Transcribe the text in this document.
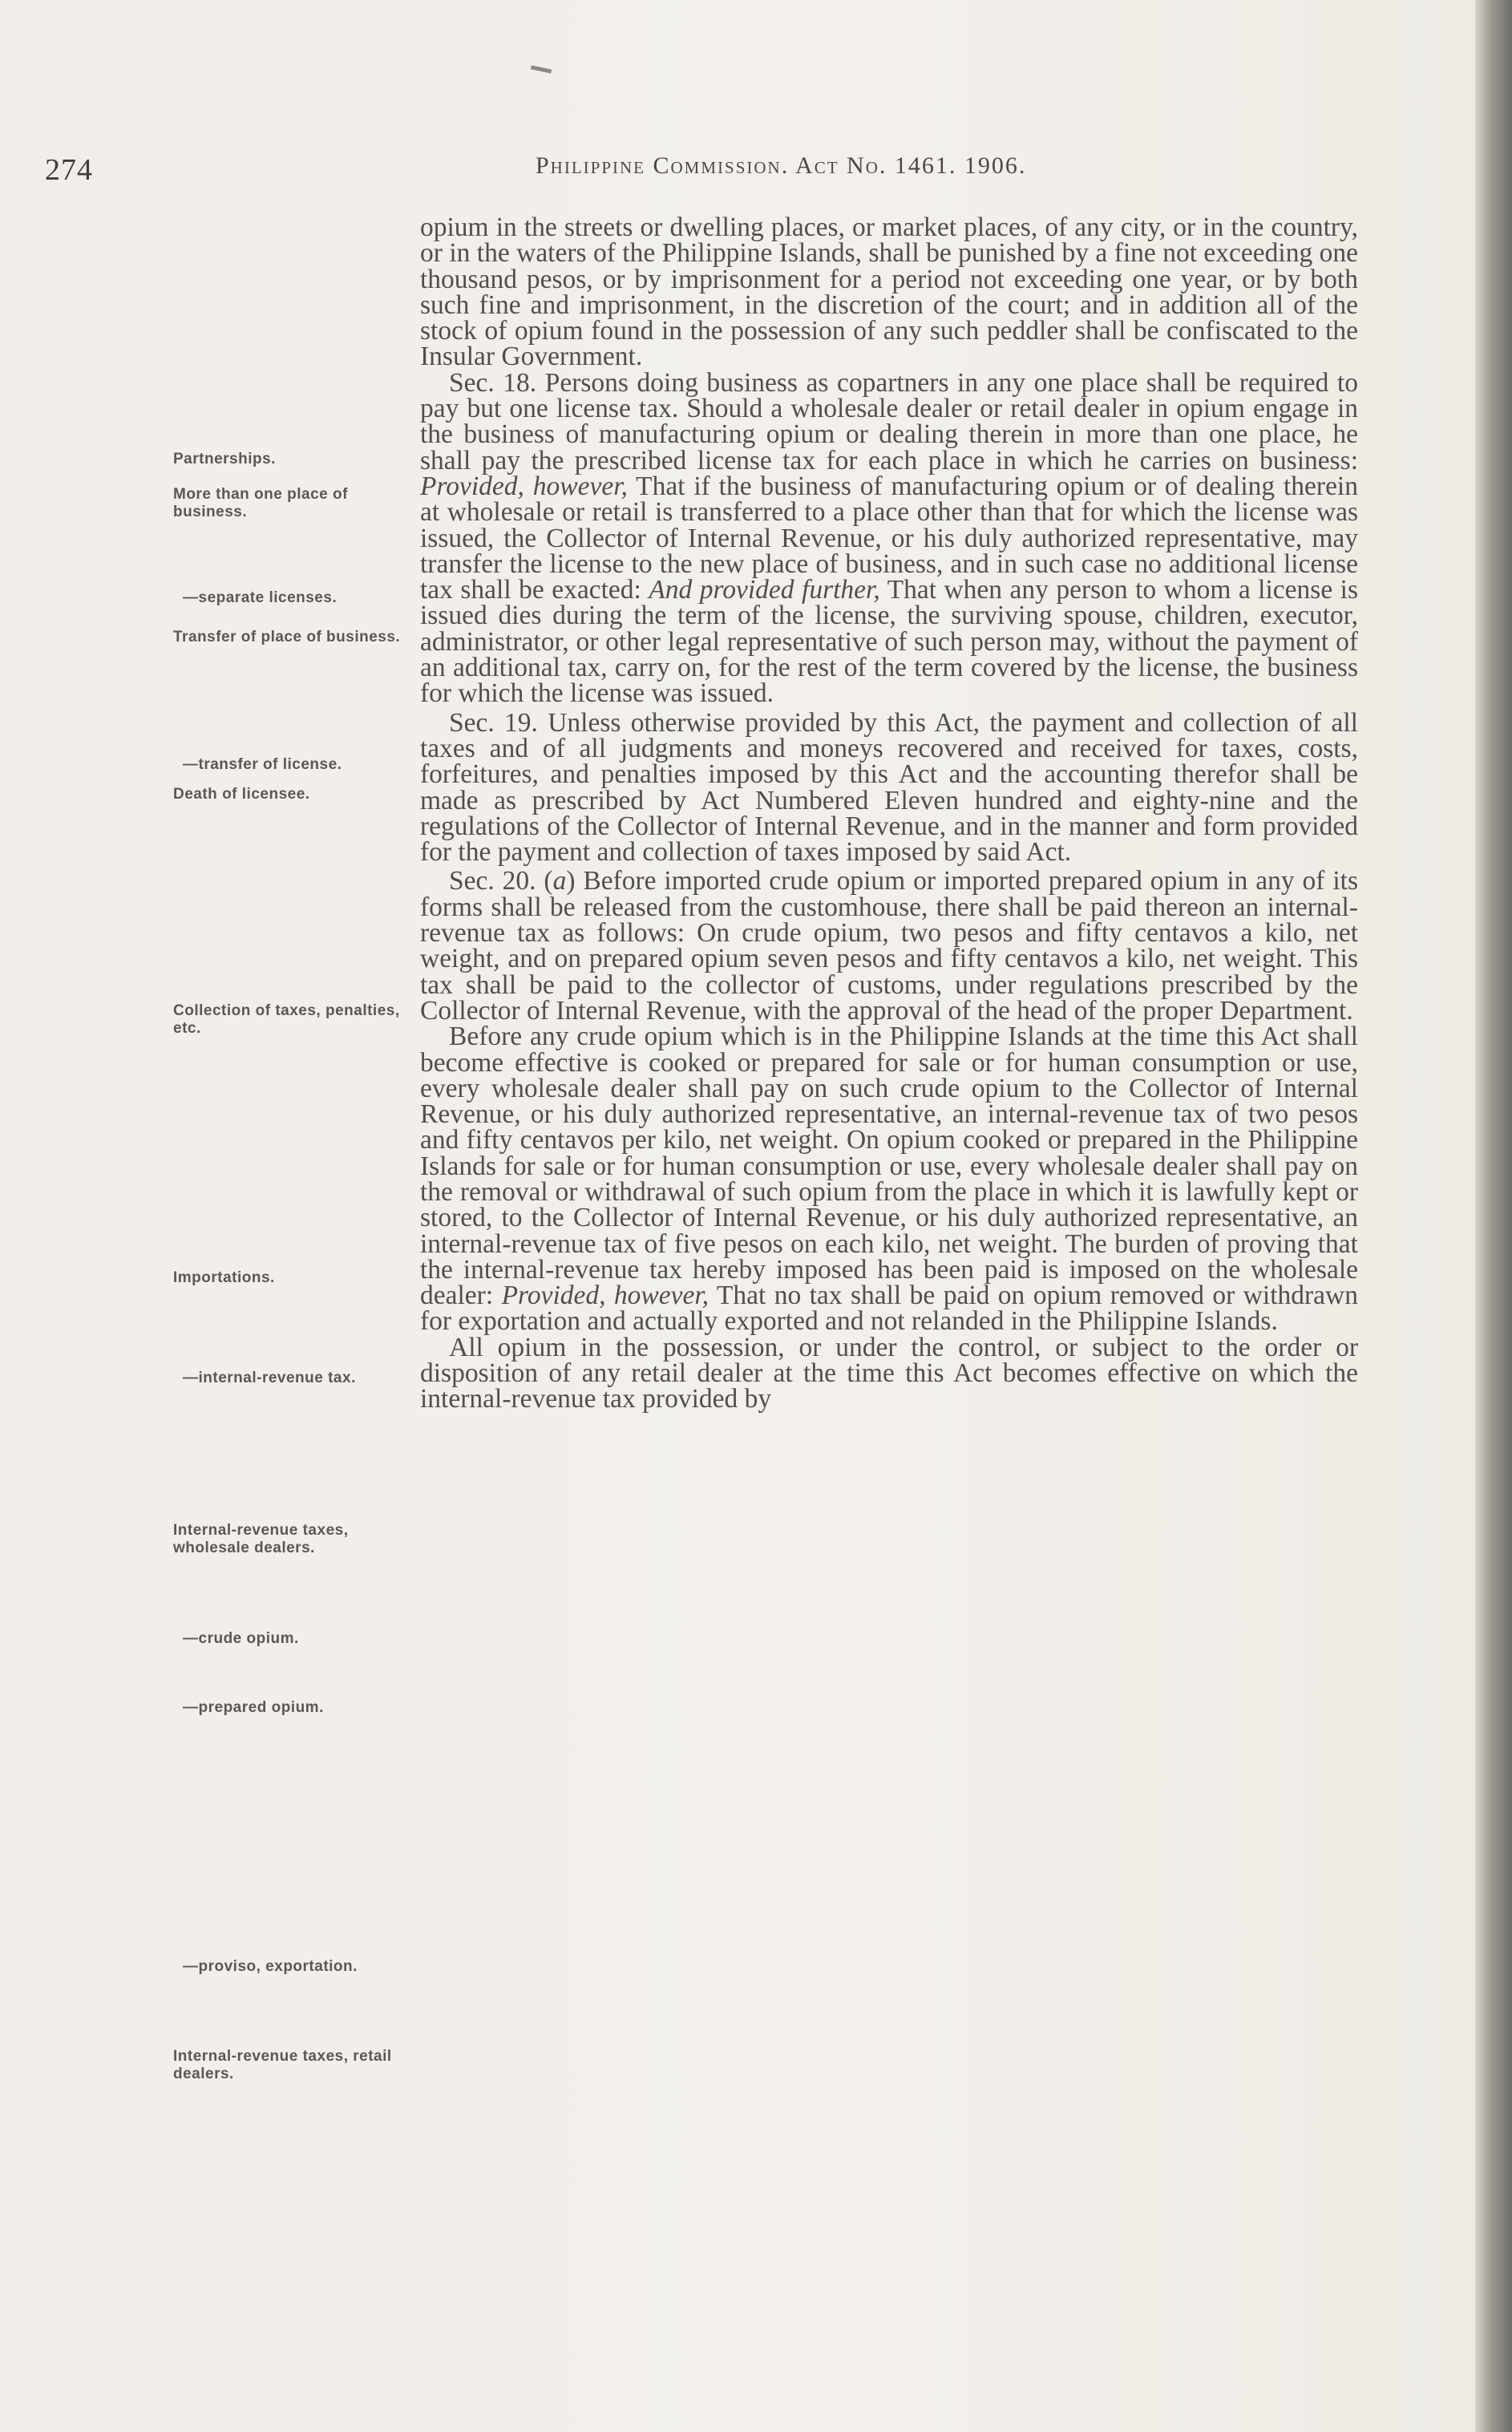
274	Philippine Commission. Act No. 1461. 1906.
Partnerships.
More than one place of business.
—separate licenses.
Transfer of place of business.
—transfer of license.
Death of licensee.
Collection of taxes, penalties, etc.
Importations.
—internal-revenue tax.
Internal-revenue taxes, wholesale dealers.
—crude opium.
—prepared opium.
—proviso, exportation.
Internal-revenue taxes, retail dealers.

opium in the streets or dwelling places, or market places, of any city, or in the country, or in the waters of the Philippine Islands, shall be punished by a fine not exceeding one thousand pesos, or by imprisonment for a period not exceeding one year, or by both such fine and imprisonment, in the discretion of the court; and in addition all of the stock of opium found in the possession of any such peddler shall be confiscated to the Insular Government.

Sec. 18. Persons doing business as copartners in any one place shall be required to pay but one license tax. Should a wholesale dealer or retail dealer in opium engage in the business of manufacturing opium or dealing therein in more than one place, he shall pay the prescribed license tax for each place in which he carries on business: Provided, however, That if the business of manufacturing opium or of dealing therein at wholesale or retail is transferred to a place other than that for which the license was issued, the Collector of Internal Revenue, or his duly authorized representative, may transfer the license to the new place of business, and in such case no additional license tax shall be exacted: And provided further, That when any person to whom a license is issued dies during the term of the license, the surviving spouse, children, executor, administrator, or other legal representative of such person may, without the payment of an additional tax, carry on, for the rest of the term covered by the license, the business for which the license was issued.

Sec. 19. Unless otherwise provided by this Act, the payment and collection of all taxes and of all judgments and moneys recovered and received for taxes, costs, forfeitures, and penalties imposed by this Act and the accounting therefor shall be made as prescribed by Act Numbered Eleven hundred and eighty-nine and the regulations of the Collector of Internal Revenue, and in the manner and form provided for the payment and collection of taxes imposed by said Act.

Sec. 20. (a) Before imported crude opium or imported prepared opium in any of its forms shall be released from the customhouse, there shall be paid thereon an internal-revenue tax as follows: On crude opium, two pesos and fifty centavos a kilo, net weight, and on prepared opium seven pesos and fifty centavos a kilo, net weight. This tax shall be paid to the collector of customs, under regulations prescribed by the Collector of Internal Revenue, with the approval of the head of the proper Department.

Before any crude opium which is in the Philippine Islands at the time this Act shall become effective is cooked or prepared for sale or for human consumption or use, every wholesale dealer shall pay on such crude opium to the Collector of Internal Revenue, or his duly authorized representative, an internal-revenue tax of two pesos and fifty centavos per kilo, net weight. On opium cooked or prepared in the Philippine Islands for sale or for human consumption or use, every wholesale dealer shall pay on the removal or withdrawal of such opium from the place in which it is lawfully kept or stored, to the Collector of Internal Revenue, or his duly authorized representative, an internal-revenue tax of five pesos on each kilo, net weight. The burden of proving that the internal-revenue tax hereby imposed has been paid is imposed on the wholesale dealer: Provided, however, That no tax shall be paid on opium removed or withdrawn for exportation and actually exported and not relanded in the Philippine Islands.

All opium in the possession, or under the control, or subject to the order or disposition of any retail dealer at the time this Act becomes effective on which the internal-revenue tax provided by
